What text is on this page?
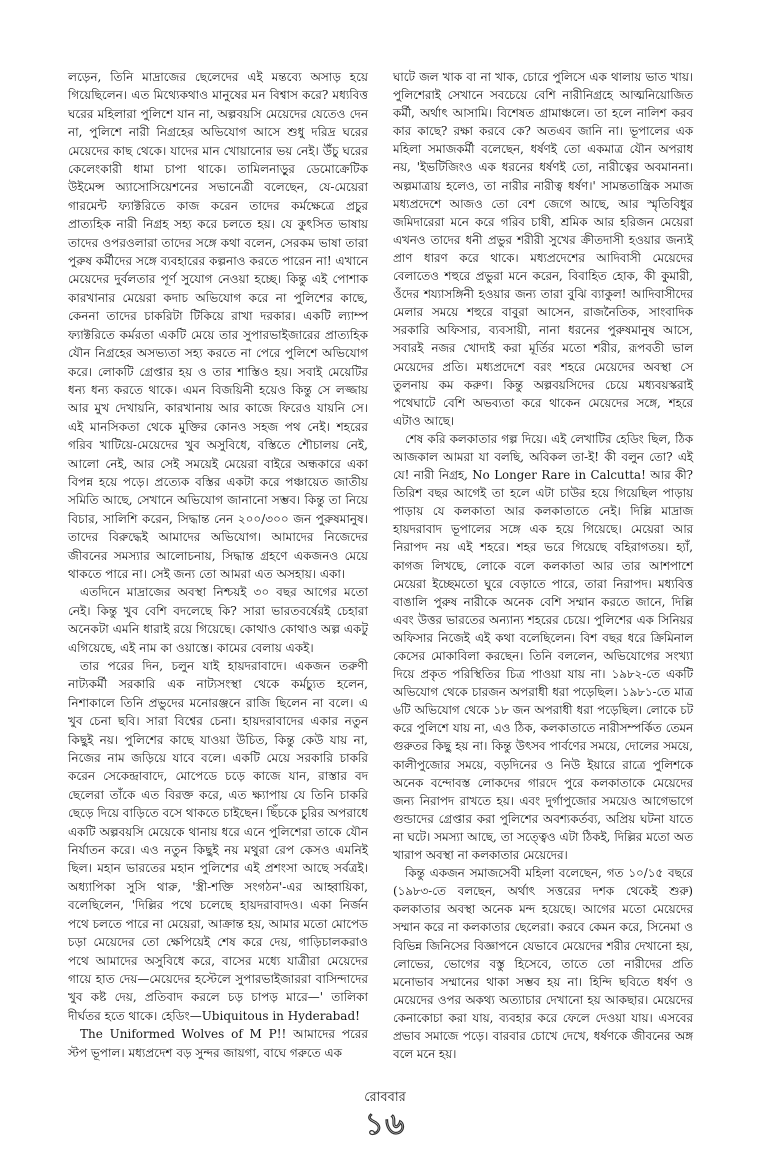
লড়েন, তিনি মাদ্রাজের ছেলেদের এই মন্তব্যে অসাড় হয়ে গিয়েছিলেন। এত মিথ্যেকথাও মানুষের মন বিশ্বাস করে? মধ্যবিত্ত ঘরের মহিলারা পুলিশে যান না, অল্পবয়সি মেয়েদের যেতেও দেন না, পুলিশে নারী নিগ্রহের অভিযোগ আসে শুধু দরিদ্র ঘরের মেয়েদের কাছ থেকে। যাদের মান খোয়ানোর ভয় নেই। উঁচু ঘরের কেলেংকারী ধামা চাপা থাকে। তামিলনাড়ুর ডেমোক্রেটিক উইমেন্স অ্যাসোসিয়েশনের সভানেত্রী বলেছেন, যে-মেয়েরা গারমেন্ট ফ্যাক্টরিতে কাজ করেন তাদের কর্মক্ষেত্রে প্রচুর প্রাত্যহিক নারী নিগ্রহ সহ্য করে চলতে হয়। যে কুৎসিত ভাষায় তাদের ওপরওলারা তাদের সঙ্গে কথা বলেন, সেরকম ভাষা তারা পুরুষ কর্মীদের সঙ্গে ব্যবহারের কল্পনাও করতে পারেন না! এখানে মেয়েদের দুর্বলতার পূর্ণ সুযোগ নেওয়া হচ্ছে। কিন্তু এই পোশাক কারখানার মেয়েরা কদাচ অভিযোগ করে না পুলিশের কাছে, কেননা তাদের চাকরিটা টিকিয়ে রাখা দরকার। একটি ল্যাম্প ফ্যাক্টরিতে কর্মরতা একটি মেয়ে তার সুপারভাইজারের প্রাত্যহিক যৌন নিগ্রহের অসভ্যতা সহ্য করতে না পেরে পুলিশে অভিযোগ করে। লোকটি গ্রেপ্তার হয় ও তার শাস্তিও হয়। সবাই মেয়েটির ধন্য ধন্য করতে থাকে। এমন বিজয়িনী হয়েও কিন্তু সে লজ্জায় আর মুখ দেখায়নি, কারখানায় আর কাজে ফিরেও যায়নি সে। এই মানসিকতা থেকে মুক্তির কোনও সহজ পথ নেই। শহরের গরিব খাটিয়ে-মেয়েদের খুব অসুবিধে, বস্তিতে শৌচালয় নেই, আলো নেই, আর সেই সময়েই মেয়েরা বাইরে অন্ধকারে একা বিপন্ন হয়ে পড়ে। প্রত্যেক বস্তির একটা করে পঞ্চায়েত জাতীয় সমিতি আছে, সেখানে অভিযোগ জানানো সম্ভব। কিন্তু তা নিয়ে বিচার, সালিশি করেন, সিদ্ধান্ত নেন ২০০/৩০০ জন পুরুষমানুষ। তাদের বিরুদ্ধেই আমাদের অভিযোগ। আমাদের নিজেদের জীবনের সমস্যার আলোচনায়, সিদ্ধান্ত গ্রহণে একজনও মেয়ে থাকতে পারে না। সেই জন্য তো আমরা এত অসহায়। একা।

এতদিনে মাদ্রাজের অবস্থা নিশ্চয়ই ৩০ বছর আগের মতো নেই। কিন্তু খুব বেশি বদলেছে কি? সারা ভারতবর্ষেরই চেহারা অনেকটা এমনি ধারাই রয়ে গিয়েছে। কোথাও কোথাও অল্প একটু এগিয়েছে, এই নাম কা ওয়াস্তে। কামের বেলায় একই।

তার পরের দিন, চলুন যাই হায়দরাবাদে। একজন তরুণী নাট্যকর্মী সরকারি এক নাট্যসংস্থা থেকে কর্মচ্যুত হলেন, নিশাকালে তিনি প্রভুদের মনোরঞ্জনে রাজি ছিলেন না বলে। এ খুব চেনা ছবি। সারা বিশ্বের চেনা। হায়দরাবাদের একার নতুন কিছুই নয়। পুলিশের কাছে যাওয়া উচিত, কিন্তু কেউ যায় না, নিজের নাম জড়িয়ে যাবে বলে। একটি মেয়ে সরকারি চাকরি করেন সেকেন্দ্রাবাদে, মোপেডে চড়ে কাজে যান, রাস্তার বদ ছেলেরা তাঁকে এত বিরক্ত করে, এত ক্ষ্যাপায় যে তিনি চাকরি ছেড়ে দিয়ে বাড়িতে বসে থাকতে চাইছেন। ছিঁচকে চুরির অপরাধে একটি অল্পবয়সি মেয়েকে থানায় ধরে এনে পুলিশেরা তাকে যৌন নির্যাতন করে। এও নতুন কিছুই নয় মথুরা রেপ কেসও এমনিই ছিল। মহান ভারতের মহান পুলিশের এই প্রশংসা আছে সর্বত্রই। অধ্যাপিকা সুসি থারু, 'স্ত্রী-শক্তি সংগঠন'-এর আহ্বায়িকা, বলেছিলেন, 'দিল্লির পথে চলেছে হায়দরাবাদও। একা নির্জন পথে চলতে পারে না মেয়েরা, আক্রান্ত হয়, আমার মতো মোপেড চড়া মেয়েদের তো ক্ষেপিয়েই শেষ করে দেয়, গাড়িচালকরাও পথে আমাদের অসুবিধে করে, বাসের মধ্যে যাত্রীরা মেয়েদের গায়ে হাত দেয়—মেয়েদের হস্টেলে সুপারভাইজাররা বাসিন্দাদের খুব কষ্ট দেয়, প্রতিবাদ করলে চড় চাপড় মারে—' তালিকা দীর্ঘতর হতে থাকে। হেডিং—Ubiquitous in Hyderabad!

The Uniformed Wolves of M P!! আমাদের পরের স্টপ ভূপাল। মধ্যপ্রদেশ বড় সুন্দর জায়গা, বাঘে গরুতে এক

ঘাটে জল খাক বা না খাক, চোরে পুলিসে এক থালায় ভাত খায়। পুলিশেরাই সেখানে সবচেয়ে বেশি নারীনিগ্রহে আত্মনিয়োজিত কর্মী, অর্থাৎ আসামি। বিশেষত গ্রামাঞ্চলে। তা হলে নালিশ করব কার কাছে? রক্ষা করবে কে? অতএব জানি না। ভূপালের এক মহিলা সমাজকর্মী বলেছেন, ধর্ষণই তো একমাত্র যৌন অপরাধ নয়, 'ইভটিজিংও এক ধরনের ধর্ষণই তো, নারীত্বের অবমাননা। অল্পমাত্রায় হলেও, তা নারীর নারীত্ব ধর্ষণ।' সামন্ততান্ত্রিক সমাজ মধ্যপ্রদেশে আজও তো বেশ জেগে আছে, আর স্মৃতিবিধুর জমিদারেরা মনে করে গরিব চাষী, শ্রমিক আর হরিজন মেয়েরা এখনও তাদের ধনী প্রভুর শরীরী সুখের ক্রীতদাসী হওয়ার জন্যই প্রাণ ধারণ করে থাকে। মধ্যপ্রদেশের আদিবাসী মেয়েদের বেলাতেও শহুরে প্রভুরা মনে করেন, বিবাহিত হোক, কী কুমারী, ওঁদের শয্যাসঙ্গিনী হওয়ার জন্য তারা বুঝি ব্যাকুল! আদিবাসীদের মেলার সময়ে শহুরে বাবুরা আসেন, রাজনৈতিক, সাংবাদিক সরকারি অফিসার, ব্যবসায়ী, নানা ধরনের পুরুষমানুষ আসে, সবারই নজর খোদাই করা মূর্তির মতো শরীর, রূপবতী ভাল মেয়েদের প্রতি। মধ্যপ্রদেশে বরং শহরে মেয়েদের অবস্থা সে তুলনায় কম করুণ। কিন্তু অল্পবয়সিদের চেয়ে মধ্যবয়স্করাই পথেঘাটে বেশি অভব্যতা করে থাকেন মেয়েদের সঙ্গে, শহরে এটাও আছে।

শেষ করি কলকাতার গল্প দিয়ে। এই লেখাটির হেডিং ছিল, ঠিক আজকাল আমরা যা বলছি, অবিকল তা-ই! কী বলুন তো? এই যে! নারী নিগ্রহ, No Longer Rare in Calcutta! আর কী? তিরিশ বছর আগেই তা হলে এটা চাউর হয়ে গিয়েছিল পাড়ায় পাড়ায় যে কলকাতা আর কলকাতাতে নেই। দিল্লি মাদ্রাজ হায়দরাবাদ ভূপালের সঙ্গে এক হয়ে গিয়েছে। মেয়েরা আর নিরাপদ নয় এই শহরে। শহর ভরে গিয়েছে বহিরাগতয়। হ্যাঁ, কাগজ লিখছে, লোকে বলে কলকাতা আর তার আশপাশে মেয়েরা ইচ্ছেমতো ঘুরে বেড়াতে পারে, তারা নিরাপদ। মধ্যবিত্ত বাঙালি পুরুষ নারীকে অনেক বেশি সম্মান করতে জানে, দিল্লি এবং উত্তর ভারতের অন্যান্য শহরের চেয়ে। পুলিশের এক সিনিয়র অফিসার নিজেই এই কথা বলেছিলেন। বিশ বছর ধরে ক্রিমিনাল কেসের মোকাবিলা করছেন। তিনি বললেন, অভিযোগের সংখ্যা দিয়ে প্রকৃত পরিস্থিতির চিত্র পাওয়া যায় না। ১৯৮২-তে একটি অভিযোগ থেকে চারজন অপরাধী ধরা পড়েছিল। ১৯৮১-তে মাত্র ৬টি অভিযোগ থেকে ১৮ জন অপরাধী ধরা পড়েছিল। লোকে চট করে পুলিশে যায় না, এও ঠিক, কলকাতাতে নারীসম্পর্কিত তেমন গুরুতর কিছু হয় না। কিন্তু উৎসব পার্বণের সময়ে, দোলের সময়ে, কালীপুজোর সময়ে, বড়দিনের ও নিউ ইয়ারে রাত্রে পুলিশকে অনেক বন্দোবস্ত লোকদের গারদে পুরে কলকাতাকে মেয়েদের জন্য নিরাপদ রাখতে হয়। এবং দুর্গাপুজোর সময়েও আগেভাগে গুন্ডাদের গ্রেপ্তার করা পুলিশের অবশ্যকর্তব্য, অপ্রিয় ঘটনা যাতে না ঘটে। সমস্যা আছে, তা সত্ত্বেও এটা ঠিকই, দিল্লির মতো অত খারাপ অবস্থা না কলকাতার মেয়েদের।

কিন্তু একজন সমাজসেবী মহিলা বলেছেন, গত ১০/১৫ বছরে (১৯৮৩-তে বলছেন, অর্থাৎ সত্তরের দশক থেকেই শুরু) কলকাতার অবস্থা অনেক মন্দ হয়েছে। আগের মতো মেয়েদের সম্মান করে না কলকাতার ছেলেরা। করবে কেমন করে, সিনেমা ও বিভিন্ন জিনিসের বিজ্ঞাপনে যেভাবে মেয়েদের শরীর দেখানো হয়, লোভের, ভোগের বস্তু হিসেবে, তাতে তো নারীদের প্রতি মনোভাব সম্মানের থাকা সম্ভব হয় না। হিন্দি ছবিতে ধর্ষণ ও মেয়েদের ওপর অকথ্য অত্যাচার দেখানো হয় আকছার। মেয়েদের কেনাকোচা করা যায়, ব্যবহার করে ফেলে দেওয়া যায়। এসবের প্রভাব সমাজে পড়ে। বারবার চোখে দেখে, ধর্ষণকে জীবনের অঙ্গ বলে মনে হয়।

রোববার
১৬
